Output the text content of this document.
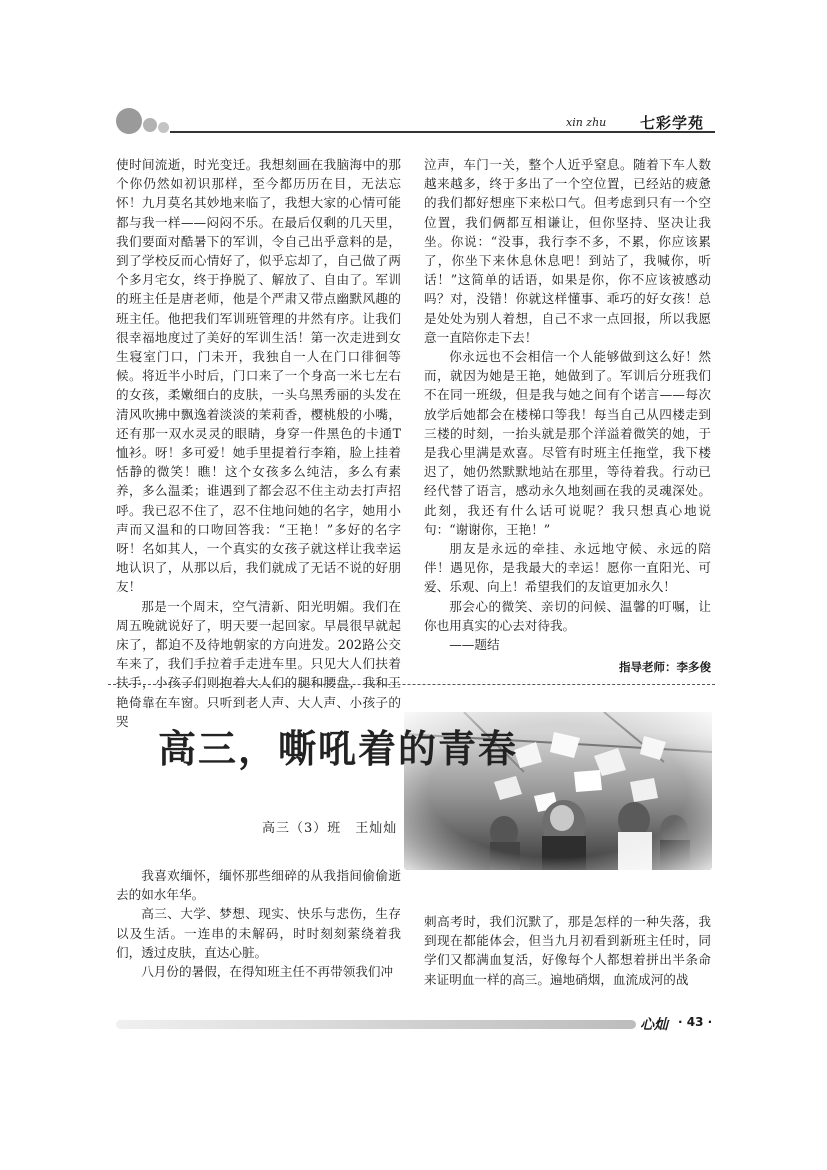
xin zhu 七彩学苑

使时间流逝，时光变迁。我想刻画在我脑海中的那个你仍然如初识那样，至今都历历在目，无法忘怀！九月莫名其妙地来临了，我想大家的心情可能都与我一样——闷闷不乐。在最后仅剩的几天里，我们要面对酷暑下的军训，令自己出乎意料的是，到了学校反而心情好了，似乎忘却了，自己做了两个多月宅女，终于挣脱了、解放了、自由了。军训的班主任是唐老师，他是个严肃又带点幽默风趣的班主任。他把我们军训班管理的井然有序。让我们很幸福地度过了美好的军训生活！第一次走进到女生寝室门口，门未开，我独自一人在门口徘徊等候。将近半小时后，门口来了一个身高一米七左右的女孩，柔嫩细白的皮肤，一头乌黑秀丽的头发在清风吹拂中飘逸着淡淡的茉莉香，樱桃般的小嘴，还有那一双水灵灵的眼睛，身穿一件黑色的卡通T恤衫。呀！多可爱！她手里提着行李箱，脸上挂着恬静的微笑！瞧！这个女孩多么纯洁，多么有素养，多么温柔；谁遇到了都会忍不住主动去打声招呼。我已忍不住了，忍不住地问她的名字，她用小声而又温和的口吻回答我：“王艳！”多好的名字呀！名如其人，一个真实的女孩子就这样让我幸运地认识了，从那以后，我们就成了无话不说的好朋友！

那是一个周末，空气清新、阳光明媚。我们在周五晚就说好了，明天要一起回家。早晨很早就起床了，都迫不及待地朝家的方向进发。202路公交车来了，我们手拉着手走进车里。只见大人们扶着扶手，小孩子们则抱着大人们的腿和腰盘，我和王艳倚靠在车窗。只听到老人声、大人声、小孩子的哭

泣声，车门一关，整个人近乎窒息。随着下车人数越来越多，终于多出了一个空位置，已经站的疲惫的我们都好想座下来松口气。但考虑到只有一个空位置，我们俩都互相谦让，但你坚持、坚决让我坐。你说：“没事，我行李不多，不累，你应该累了，你坐下来休息休息吧！到站了，我喊你，听话！”这简单的话语，如果是你，你不应该被感动吗？对，没错！你就这样懂事、乖巧的好女孩！总是处处为别人着想，自己不求一点回报，所以我愿意一直陪你走下去！

你永远也不会相信一个人能够做到这么好！然而，就因为她是王艳，她做到了。军训后分班我们不在同一班级，但是我与她之间有个诺言——每次放学后她都会在楼梯口等我！每当自己从四楼走到三楼的时刻，一抬头就是那个洋溢着微笑的她，于是我心里满是欢喜。尽管有时班主任拖堂，我下楼迟了，她仍然默默地站在那里，等待着我。行动已经代替了语言，感动永久地刻画在我的灵魂深处。此刻，我还有什么话可说呢？我只想真心地说句：“谢谢你，王艳！”

朋友是永远的牵挂、永远地守候、永远的陪伴！遇见你，是我最大的幸运！愿你一直阳光、可爱、乐观、向上！希望我们的友谊更加永久！

那会心的微笑、亲切的问候、温馨的叮嘱，让你也用真实的心去对待我。

——题结

指导老师：李多俊
高三，嘶吼着的青春
高三（3）班　王灿灿

我喜欢缅怀，缅怀那些细碎的从我指间偷偷逝去的如水年华。

高三、大学、梦想、现实、快乐与悲伤，生存以及生活。一连串的未解码，时时刻刻萦绕着我们，透过皮肤，直达心脏。

八月份的暑假，在得知班主任不再带领我们冲

刺高考时，我们沉默了，那是怎样的一种失落，我到现在都能体会，但当九月初看到新班主任时，同学们又都满血复活，好像每个人都想着拼出半条命来证明血一样的高三。遍地硝烟，血流成河的战

心灿 · 43 ·
